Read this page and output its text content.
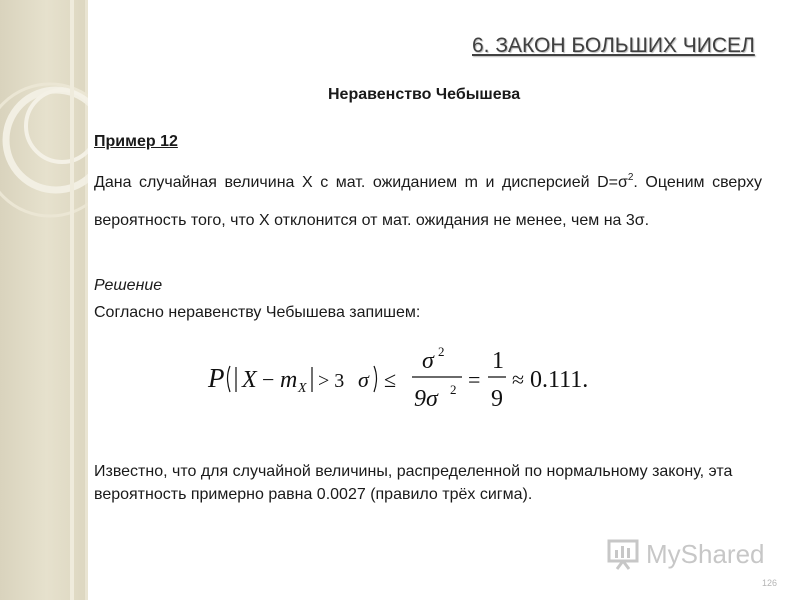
6. ЗАКОН БОЛЬШИХ ЧИСЕЛ
Неравенство Чебышева
Пример 12

Дана случайная величина X с мат. ожиданием m и дисперсией $D=\sigma^2$. Оценим сверху вероятность того, что X отклонится от мат. ожидания не менее, чем на 3σ.

Решение
Согласно неравенству Чебышева запишем:
P X − m X > 3 σ ≤
σ 2
9σ 2 =
1
9
≈ 0.111.

Известно, что для случайной величины, распределенной по нормальному закону, эта вероятность примерно равна 0.0027 (правило трёх сигма).

MyShared
126
